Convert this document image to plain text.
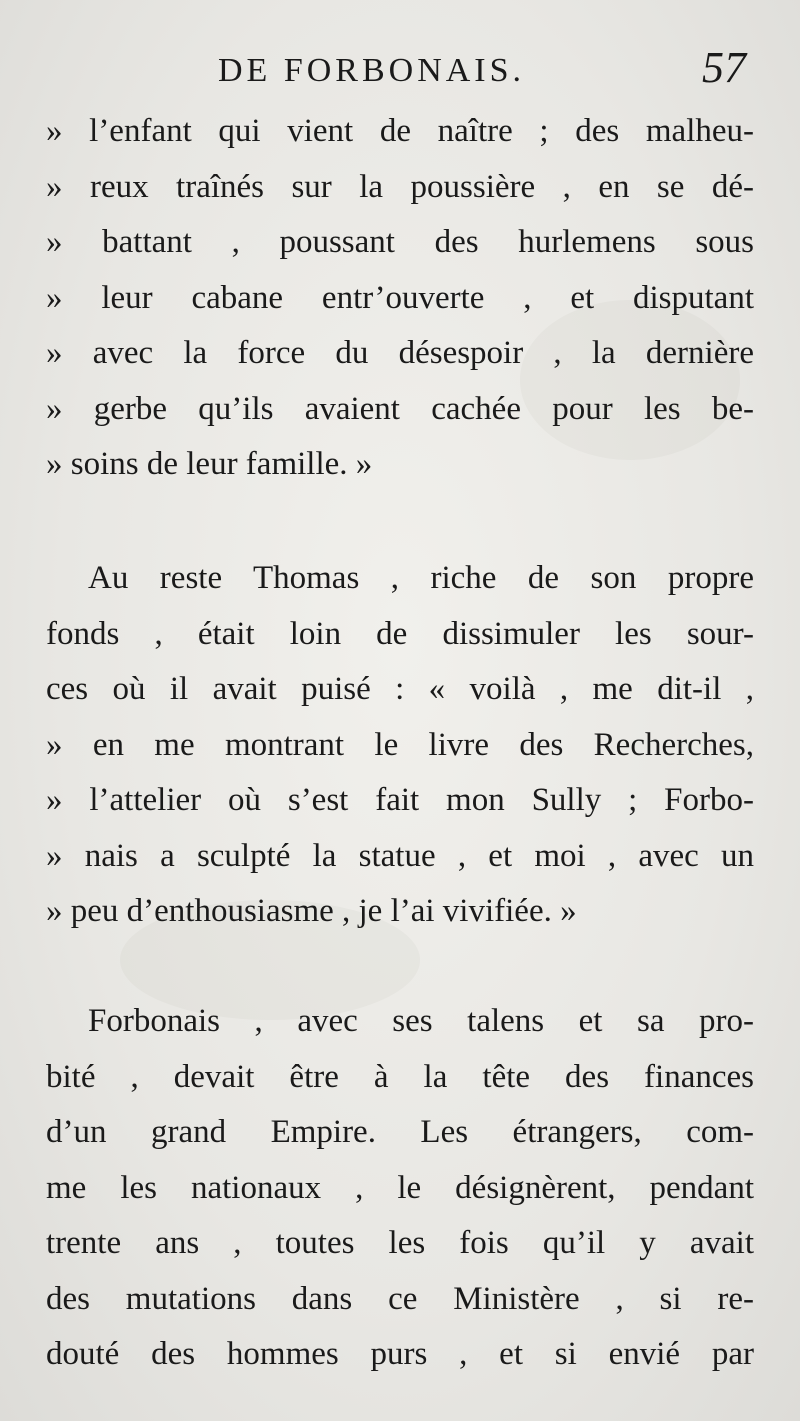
DE FORBONAIS.	57
» l’enfant qui vient de naître ; des malheu-
» reux traînés sur la poussière , en se dé-
» battant , poussant des hurlemens sous
» leur cabane entr’ouverte , et disputant
» avec la force du désespoir , la dernière
» gerbe qu’ils avaient cachée pour les be-
» soins de leur famille. »
Au reste Thomas , riche de son propre
fonds , était loin de dissimuler les sour-
ces où il avait puisé : « voilà , me dit-il ,
» en me montrant le livre des Recherches,
» l’attelier où s’est fait mon Sully ; Forbo-
» nais a sculpté la statue , et moi , avec un
» peu d’enthousiasme , je l’ai vivifiée. »
Forbonais , avec ses talens et sa pro-
bité , devait être à la tête des finances
d’un grand Empire. Les étrangers, com-
me les nationaux , le désignèrent, pendant
trente ans , toutes les fois qu’il y avait
des mutations dans ce Ministère , si re-
douté des hommes purs , et si envié par
